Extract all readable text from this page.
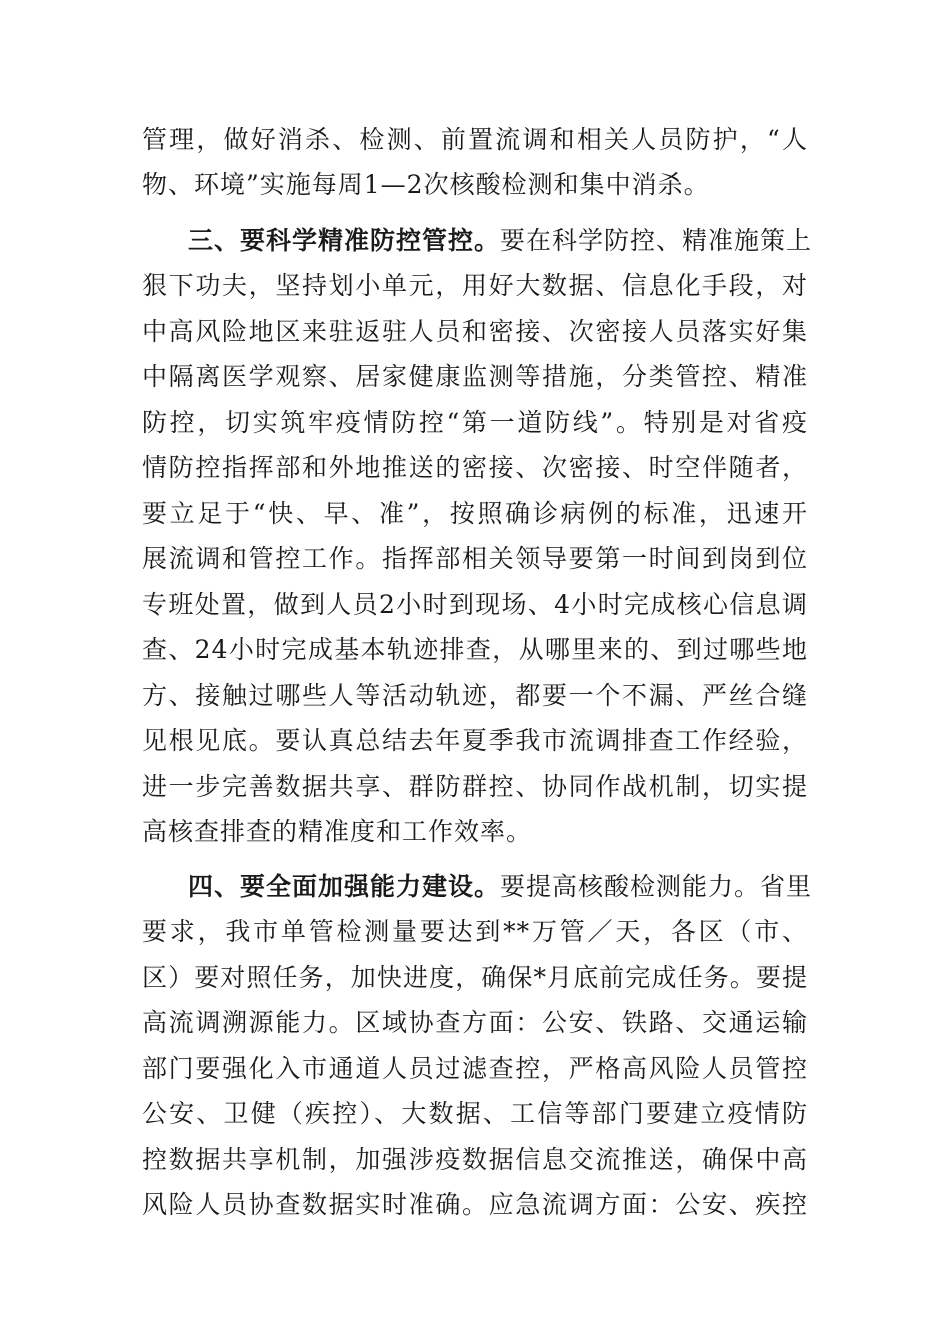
管理，做好消杀、检测、前置流调和相关人员防护，“人
物、环境”实施每周1—2次核酸检测和集中消杀。
三、要科学精准防控管控。要在科学防控、精准施策上
狠下功夫，坚持划小单元，用好大数据、信息化手段，对
中高风险地区来驻返驻人员和密接、次密接人员落实好集
中隔离医学观察、居家健康监测等措施，分类管控、精准
防控，切实筑牢疫情防控“第一道防线”。特别是对省疫
情防控指挥部和外地推送的密接、次密接、时空伴随者，
要立足于“快、早、准”，按照确诊病例的标准，迅速开
展流调和管控工作。指挥部相关领导要第一时间到岗到位
专班处置，做到人员2小时到现场、4小时完成核心信息调
查、24小时完成基本轨迹排查，从哪里来的、到过哪些地
方、接触过哪些人等活动轨迹，都要一个不漏、严丝合缝
见根见底。要认真总结去年夏季我市流调排查工作经验，
进一步完善数据共享、群防群控、协同作战机制，切实提
高核查排查的精准度和工作效率。
四、要全面加强能力建设。要提高核酸检测能力。省里
要求，我市单管检测量要达到**万管／天，各区（市、
区）要对照任务，加快进度，确保*月底前完成任务。要提
高流调溯源能力。区域协查方面：公安、铁路、交通运输
部门要强化入市通道人员过滤查控，严格高风险人员管控
公安、卫健（疾控）、大数据、工信等部门要建立疫情防
控数据共享机制，加强涉疫数据信息交流推送，确保中高
风险人员协查数据实时准确。应急流调方面：公安、疾控
